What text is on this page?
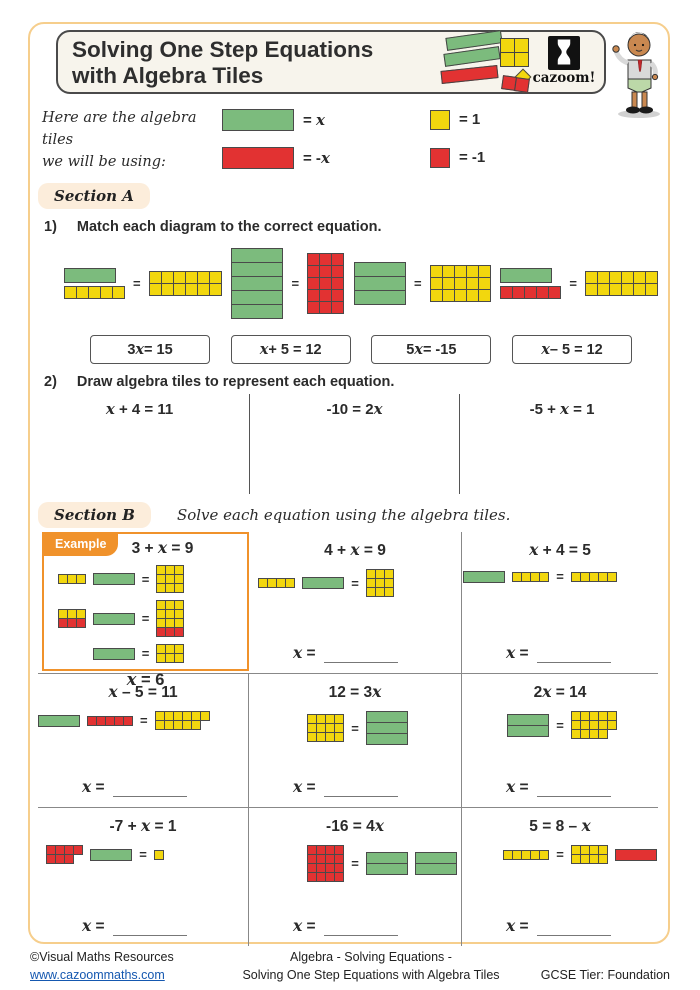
Solving One Step Equations
with Algebra Tiles	cazoom!
Here are the algebra tiles
we will be using:
= x	= 1
= -x	= -1
Section A
1) Match each diagram to the correct equation.
=	=	=	=
3 x = 15	x + 5 = 12	5 x = -15	x – 5 = 12
2) Draw algebra tiles to represent each equation.
x + 4 = 11	-10 = 2x	-5 + x = 1
Section B	Solve each equation using the algebra tiles.
Example	3 + x = 9
=
=
=
x = 6
4 + x = 9
=
x =
x + 4 = 5
=
x =
x – 5 = 11
=
x =
12 = 3x
=
x =
2x = 14
=
x =
-7 + x = 1
=
x =
-16 = 4x
=
x =
5 = 8 – x
=
x =
©Visual Maths Resources
www.cazoommaths.com
Algebra - Solving Equations -
Solving One Step Equations with Algebra Tiles	GCSE Tier: Foundation
